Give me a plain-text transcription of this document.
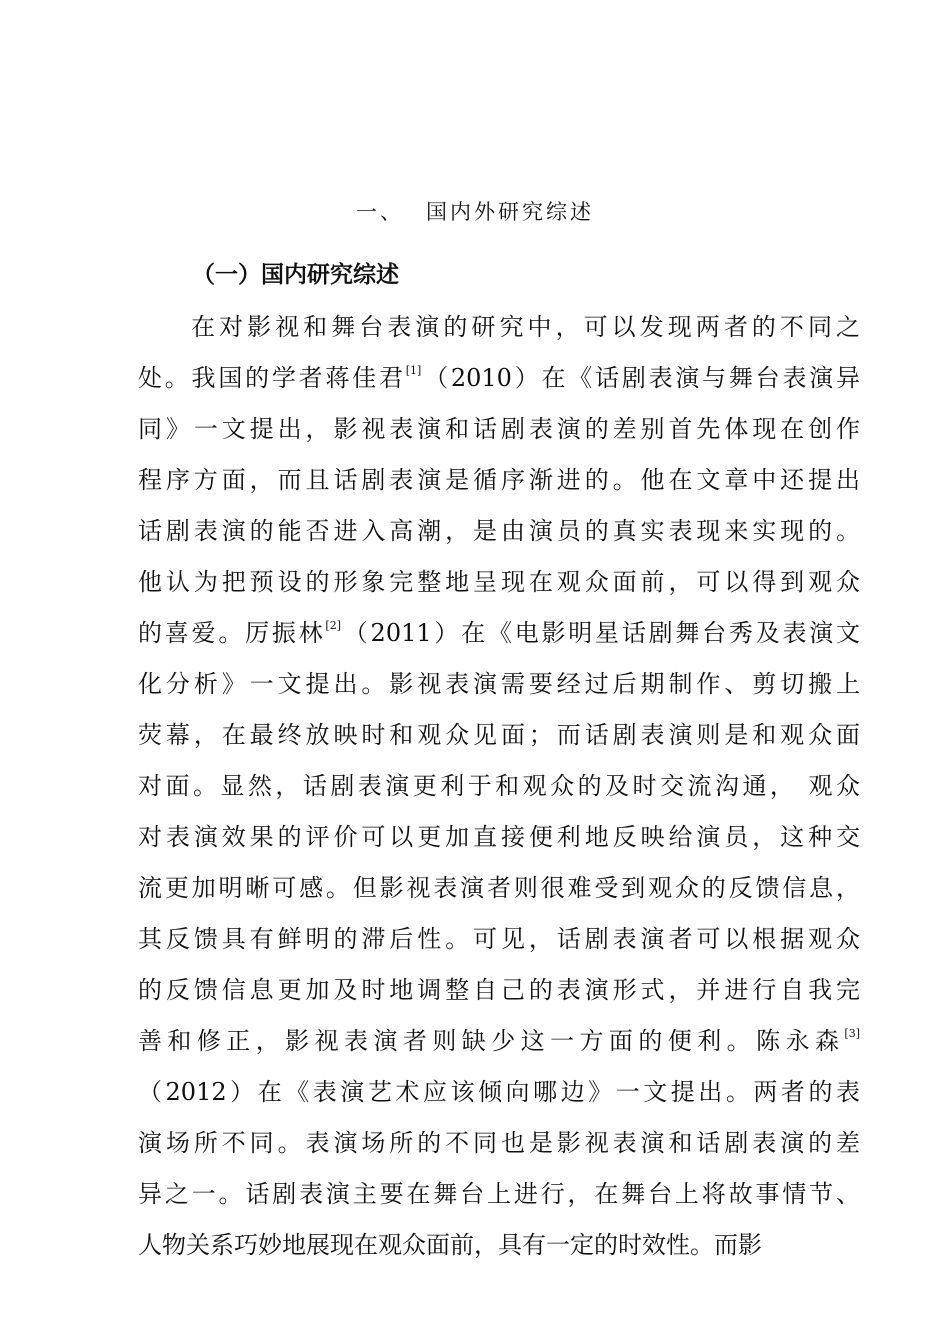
一、 国内外研究综述
（一）国内研究综述
在对影视和舞台表演的研究中，可以发现两者的不同之
处。我国的学者蒋佳君[1]（2010）在《话剧表演与舞台表演异
同》一文提出，影视表演和话剧表演的差别首先体现在创作
程序方面，而且话剧表演是循序渐进的。他在文章中还提出
话剧表演的能否进入高潮，是由演员的真实表现来实现的。
他认为把预设的形象完整地呈现在观众面前，可以得到观众
的喜爱。厉振林[2]（2011）在《电影明星话剧舞台秀及表演文
化分析》一文提出。影视表演需要经过后期制作、剪切搬上
荧幕，在最终放映时和观众见面；而话剧表演则是和观众面
对面。显然，话剧表演更利于和观众的及时交流沟通， 观众
对表演效果的评价可以更加直接便利地反映给演员，这种交
流更加明晰可感。但影视表演者则很难受到观众的反馈信息，
其反馈具有鲜明的滞后性。可见，话剧表演者可以根据观众
的反馈信息更加及时地调整自己的表演形式，并进行自我完
善和修正，影视表演者则缺少这一方面的便利。陈永森[3]
（2012）在《表演艺术应该倾向哪边》一文提出。两者的表
演场所不同。表演场所的不同也是影视表演和话剧表演的差
异之一。话剧表演主要在舞台上进行，在舞台上将故事情节、
人物关系巧妙地展现在观众面前，具有一定的时效性。而影
